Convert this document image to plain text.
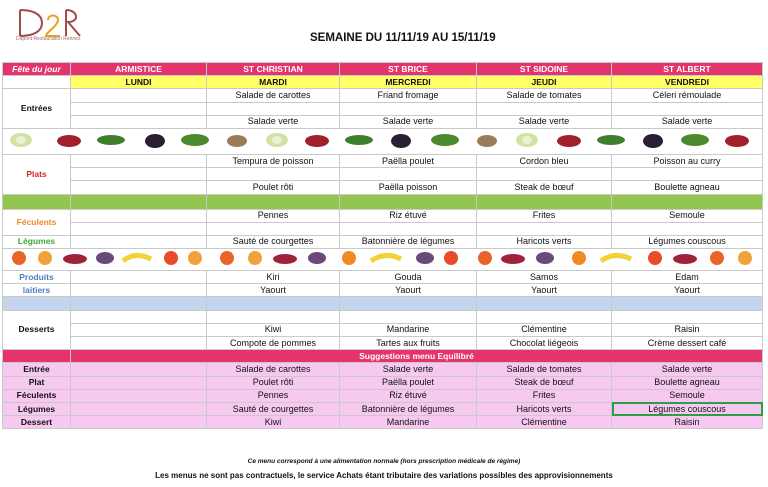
Dupont Restauration Rennes	SEMAINE DU 11/11/19 AU 15/11/19
Fête du jour	ARMISTICE	ST CHRISTIAN	ST BRICE	ST SIDOINE	ST ALBERT
	LUNDI	MARDI	MERCREDI	JEUDI	VENDREDI
Entrées		Salade de carottes	Friand fromage	Salade de tomates	Céleri rémoulade

		Salade verte	Salade verte	Salade verte	Salade verte

Plats		Tempura de poisson	Paëlla poulet	Cordon bleu	Poisson au curry

		Poulet rôti	Paëlla poisson	Steak de bœuf	Boulette agneau

Féculents		Pennes	Riz étuvé	Frites	Semoule

Légumes		Sauté de courgettes	Batonnière de légumes	Haricots verts	Légumes couscous

Produits		Kiri	Gouda	Samos	Edam
laitiers		Yaourt	Yaourt	Yaourt	Yaourt

Desserts					
		Kiwi	Mandarine	Clémentine	Raisin
		Compote de pommes	Tartes aux fruits	Chocolat liégeois	Crème dessert café
	Suggestions menu Equilibré				
Entrée		Salade de carottes	Salade verte	Salade de tomates	Salade verte
Plat		Poulet rôti	Paëlla poulet	Steak de bœuf	Boulette agneau
Féculents		Pennes	Riz étuvé	Frites	Semoule
Légumes		Sauté de courgettes	Batonnière de légumes	Haricots verts	Légumes couscous
Dessert		Kiwi	Mandarine	Clémentine	Raisin
Ce menu correspond à une alimentation normale (hors prescription médicale de régime)
Les menus ne sont pas contractuels, le service Achats étant tributaire des variations possibles des approvisionnements
